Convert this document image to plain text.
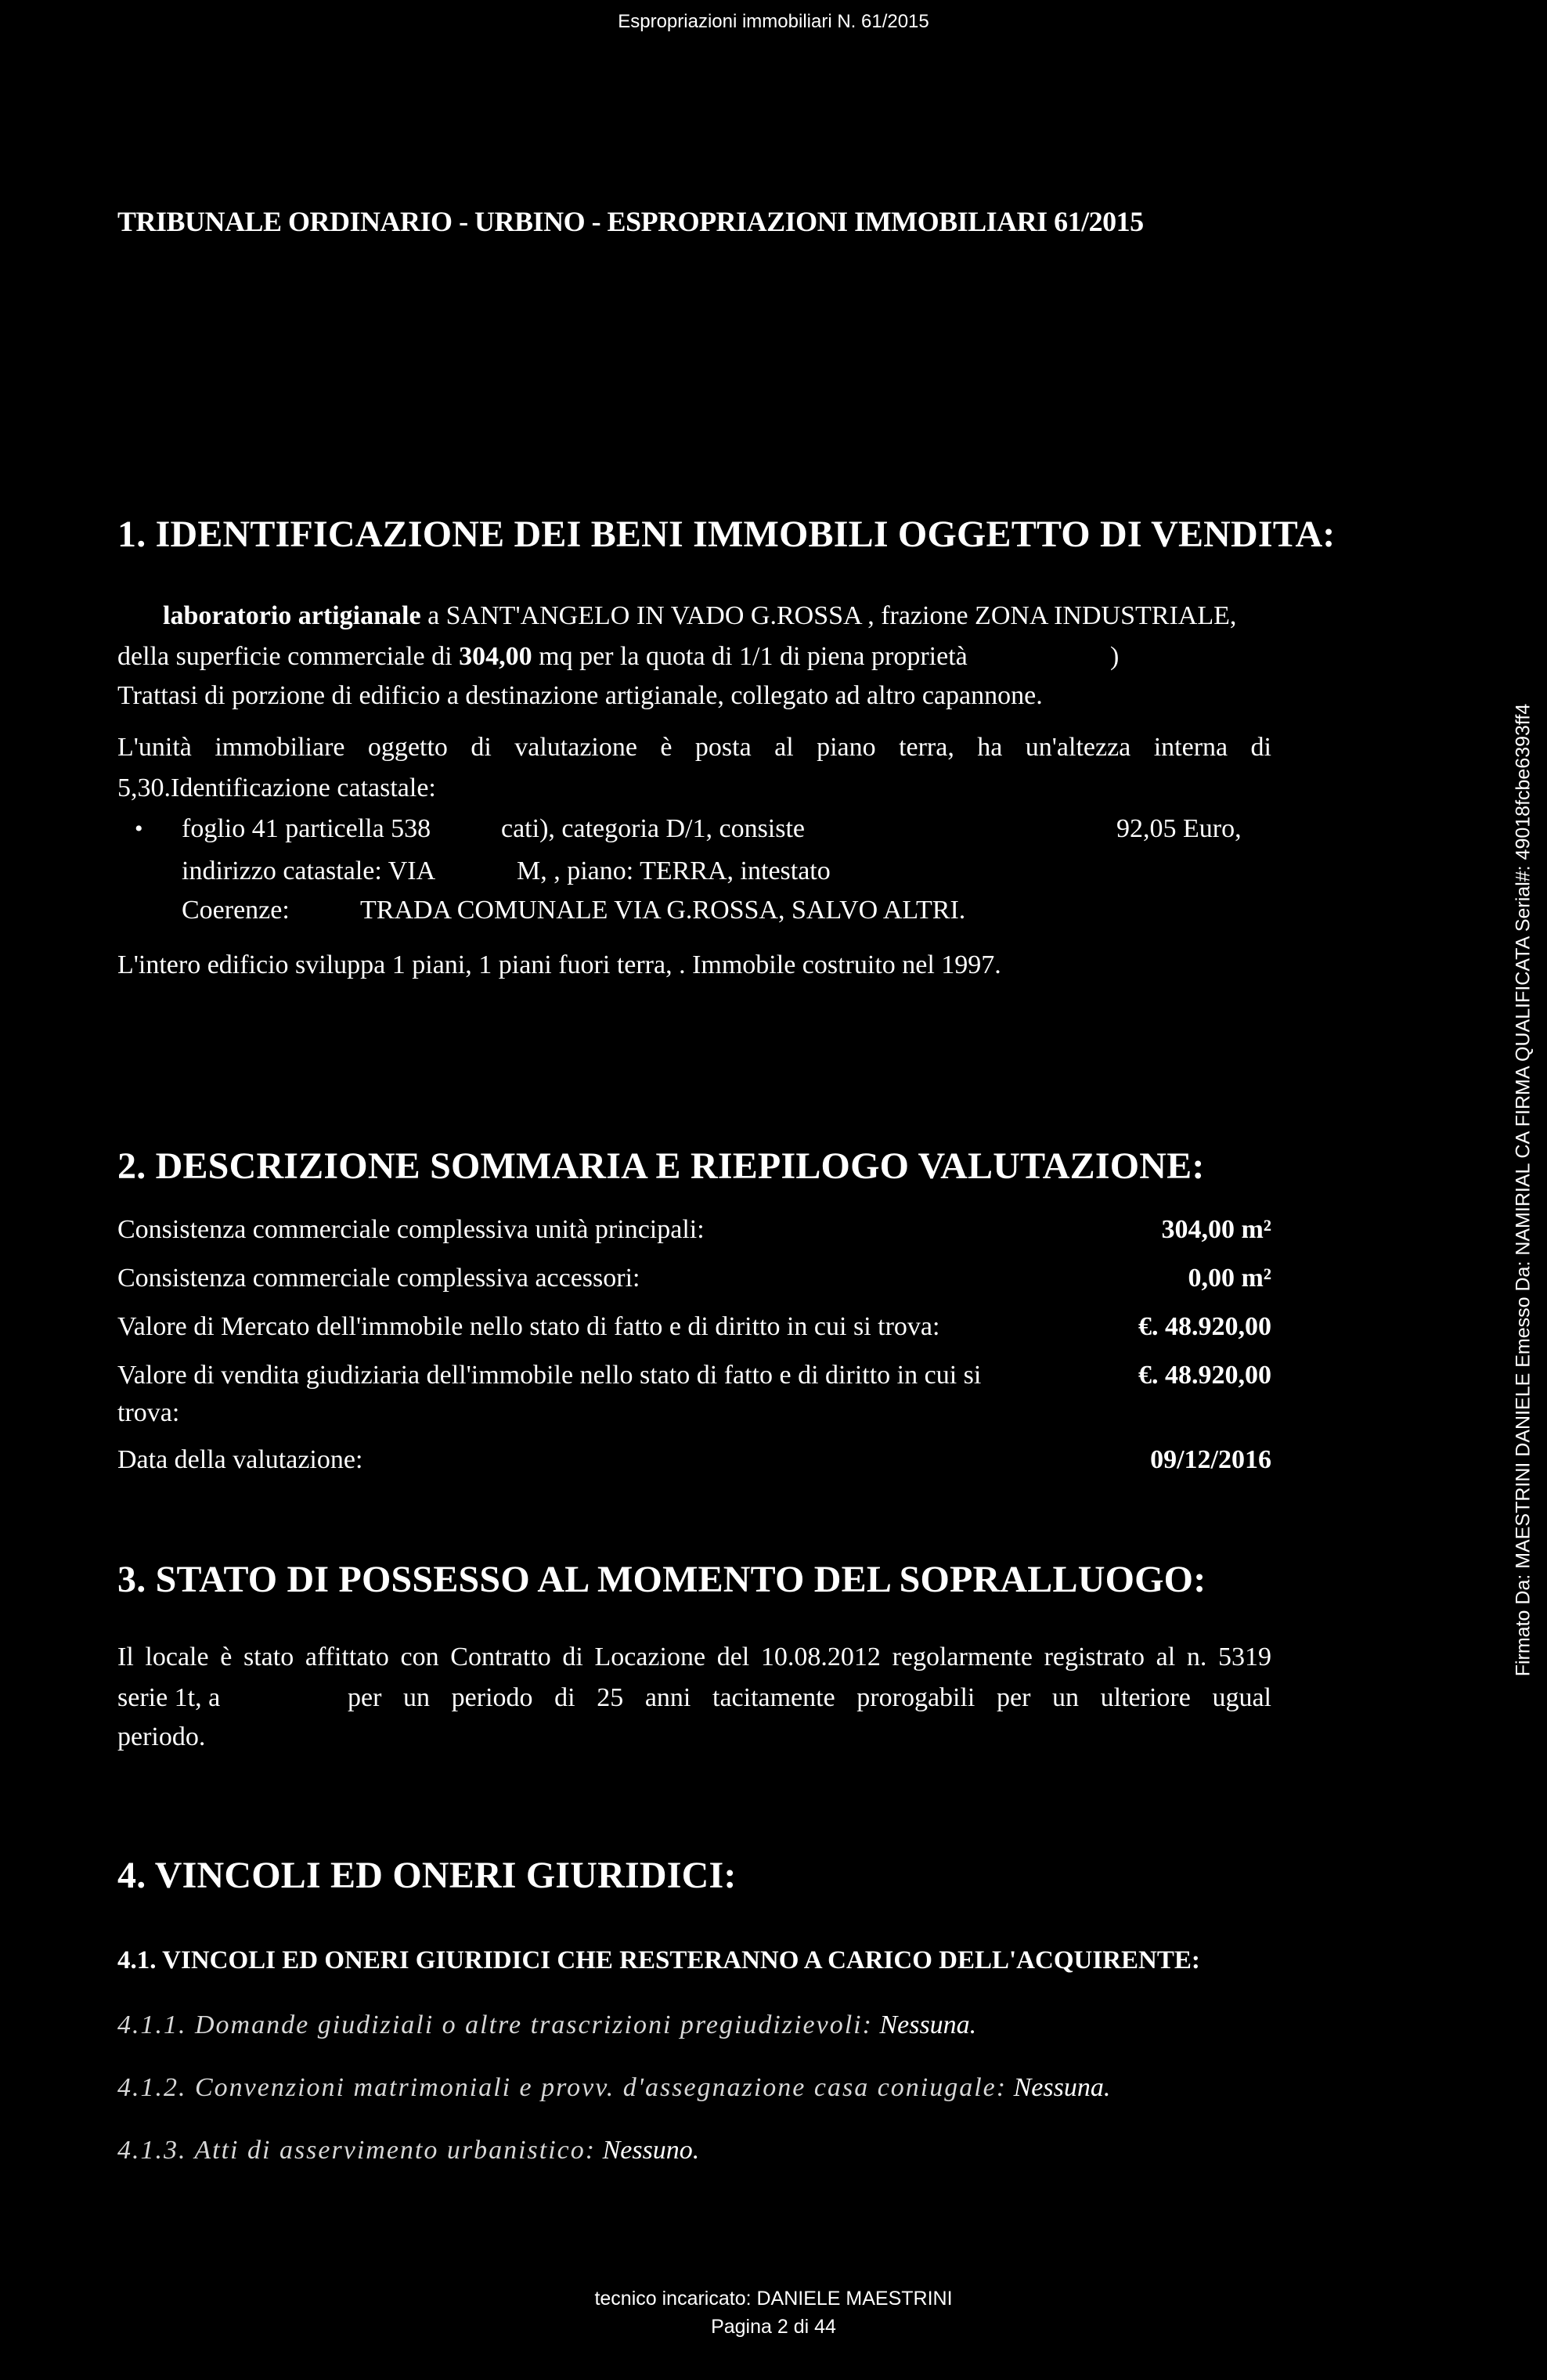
Espropriazioni immobiliari N. 61/2015
TRIBUNALE ORDINARIO - URBINO - ESPROPRIAZIONI IMMOBILIARI 61/2015
1. IDENTIFICAZIONE DEI BENI IMMOBILI OGGETTO DI VENDITA:
laboratorio artigianale a SANT'ANGELO IN VADO G.ROSSA , frazione ZONA INDUSTRIALE,
della superficie commerciale di 304,00 mq per la quota di 1/1 di piena proprietà	)
Trattasi di porzione di edificio a destinazione artigianale, collegato ad altro capannone.
L'unità immobiliare oggetto di valutazione è posta al piano terra, ha un'altezza interna di
5,30.Identificazione catastale:
• foglio 41 particella 538	cati), categoria D/1, consiste	92,05 Euro,
indirizzo catastale: VIA	M, , piano: TERRA, intestato
Coerenze:	TRADA COMUNALE VIA G.ROSSA, SALVO ALTRI.
L'intero edificio sviluppa 1 piani, 1 piani fuori terra, . Immobile costruito nel 1997.
2. DESCRIZIONE SOMMARIA E RIEPILOGO VALUTAZIONE:
Consistenza commerciale complessiva unità principali:	304,00 m²
Consistenza commerciale complessiva accessori:	0,00 m²
Valore di Mercato dell'immobile nello stato di fatto e di diritto in cui si trova:	€. 48.920,00
Valore di vendita giudiziaria dell'immobile nello stato di fatto e di diritto in cui si
trova:
€. 48.920,00
Data della valutazione:	09/12/2016
3. STATO DI POSSESSO AL MOMENTO DEL SOPRALLUOGO:
Il locale è stato affittato con Contratto di Locazione del 10.08.2012 regolarmente registrato al n. 5319
serie 1t, a	per un periodo di 25 anni tacitamente prorogabili per un ulteriore ugual
periodo.
4. VINCOLI ED ONERI GIURIDICI:
4.1. VINCOLI ED ONERI GIURIDICI CHE RESTERANNO A CARICO DELL'ACQUIRENTE:
4.1.1. Domande giudiziali o altre trascrizioni pregiudizievoli: Nessuna.
4.1.2. Convenzioni matrimoniali e provv. d'assegnazione casa coniugale: Nessuna.
4.1.3. Atti di asservimento urbanistico: Nessuno.
tecnico incaricato: DANIELE MAESTRINI
Pagina 2 di 44
Firmato Da: MAESTRINI DANIELE Emesso Da: NAMIRIAL CA FIRMA QUALIFICATA Serial#: 49018fcbe6393ff4
